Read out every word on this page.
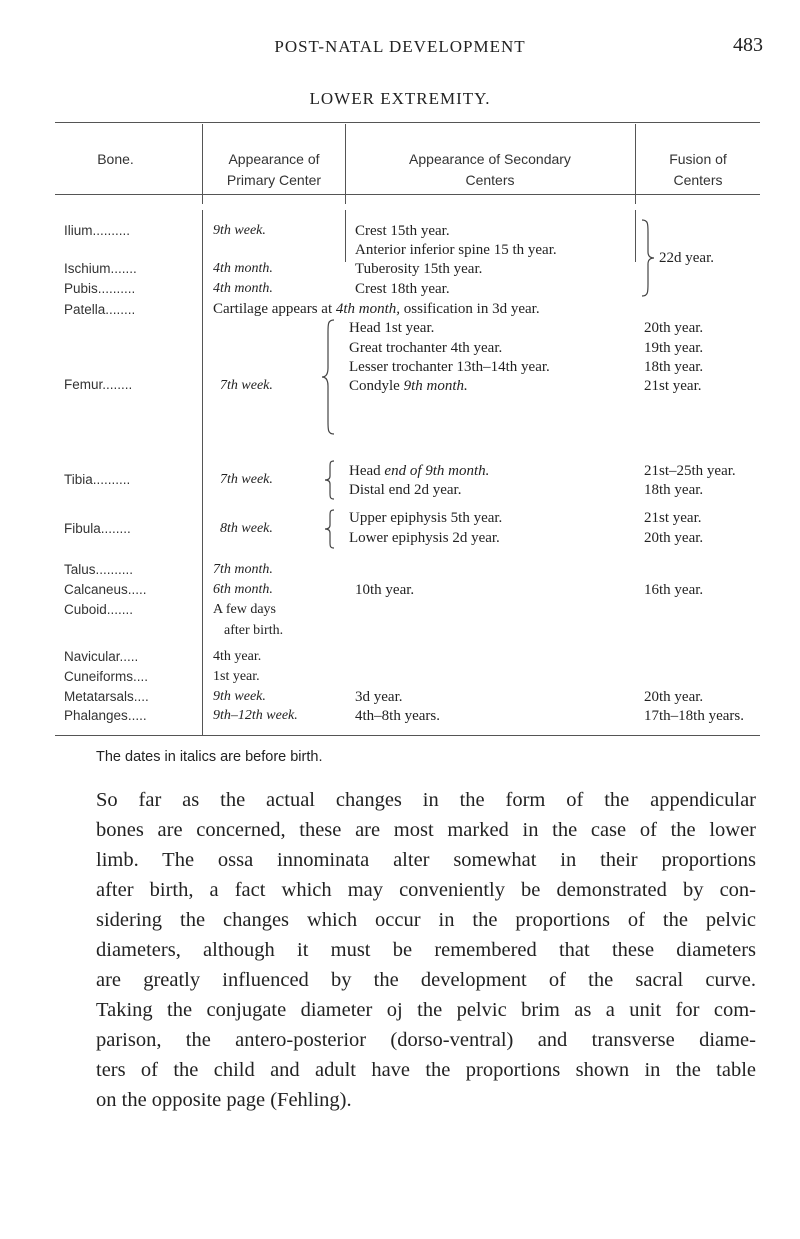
POST-NATAL DEVELOPMENT	483
LOWER EXTREMITY.
Bone.	Appearance of
Primary Center
Appearance of Secondary
Centers
Fusion of
Centers
Ilium..........
Ischium.......
Pubis..........
Patella........
Femur........
Tibia..........
Fibula........
Talus..........
Calcaneus.....
Cuboid.......
Navicular.....
Cuneiforms....
Metatarsals....
Phalanges.....
9th week.
4th month.
4th month.
Cartilage appears at 4th month, ossification in 3d year.
7th week.
7th week.
8th week.
7th month.
6th month.
A few days
after birth.
4th year.
1st year.
9th week.
9th–12th week.
Crest 15th year.
Anterior inferior spine 15 th year.
Tuberosity 15th year.
Crest 18th year.
Head 1st year.
Great trochanter 4th year.
Lesser trochanter 13th–14th year.
Condyle 9th month.
Head end of 9th month.
Distal end 2d year.
Upper epiphysis 5th year.
Lower epiphysis 2d year.
10th year.
3d year.
4th–8th years.
22d year.
20th year.
19th year.
18th year.
21st year.
21st–25th year.
18th year.
21st year.
20th year.
16th year.
20th year.
17th–18th years.
The dates in italics are before birth.
So far as the actual changes in the form of the appendicular
bones are concerned, these are most marked in the case of the lower
limb. The ossa innominata alter somewhat in their proportions
after birth, a fact which may conveniently be demonstrated by con-
sidering the changes which occur in the proportions of the pelvic
diameters, although it must be remembered that these diameters
are greatly influenced by the development of the sacral curve.
Taking the conjugate diameter oj the pelvic brim as a unit for com-
parison, the antero-posterior (dorso-ventral) and transverse diame-
ters of the child and adult have the proportions shown in the table
on the opposite page (Fehling).
